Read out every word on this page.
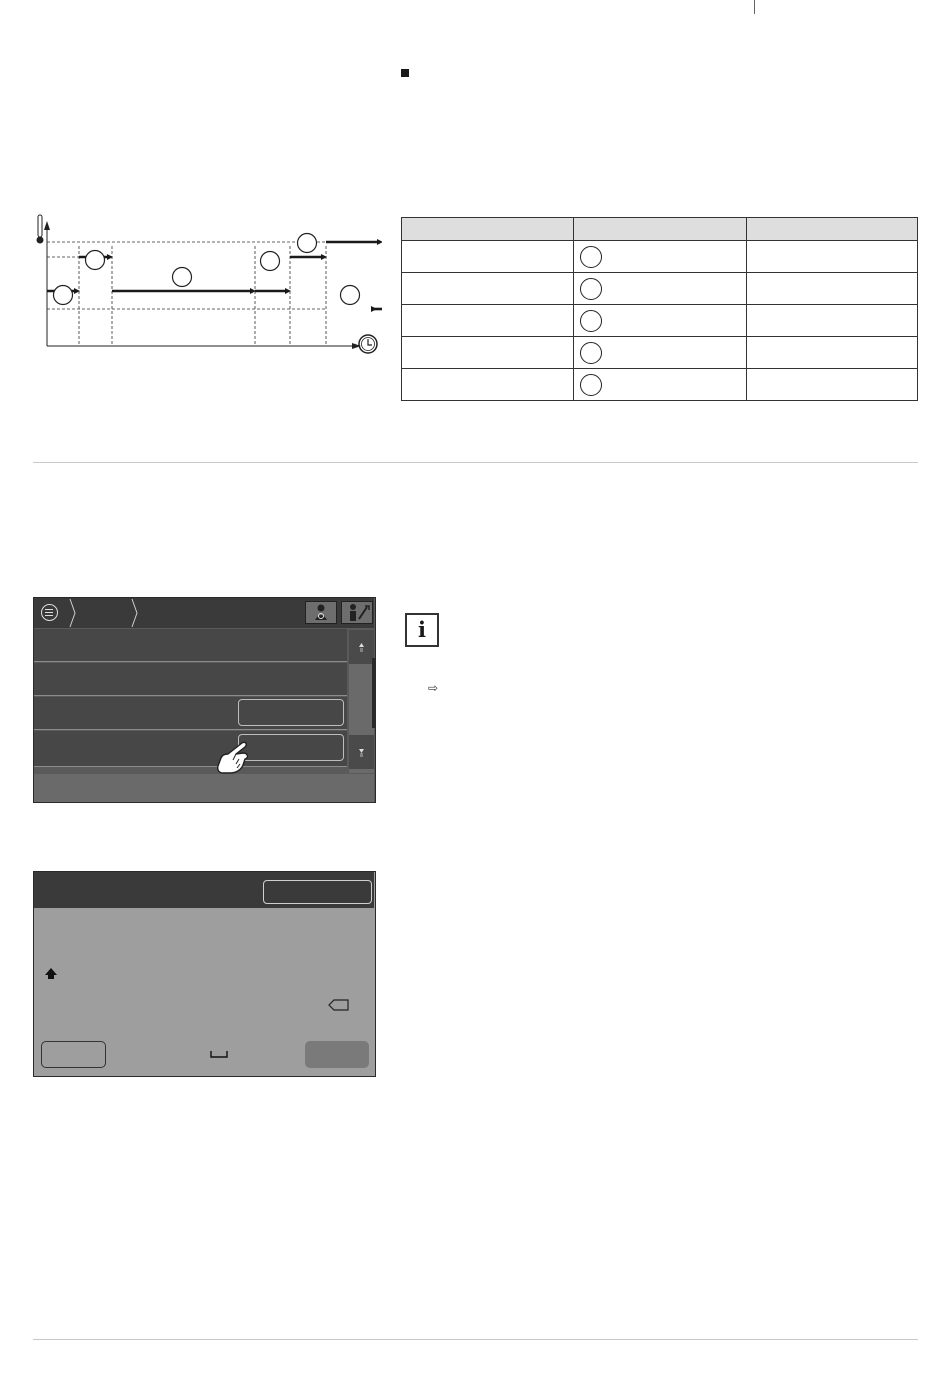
i
⇨
